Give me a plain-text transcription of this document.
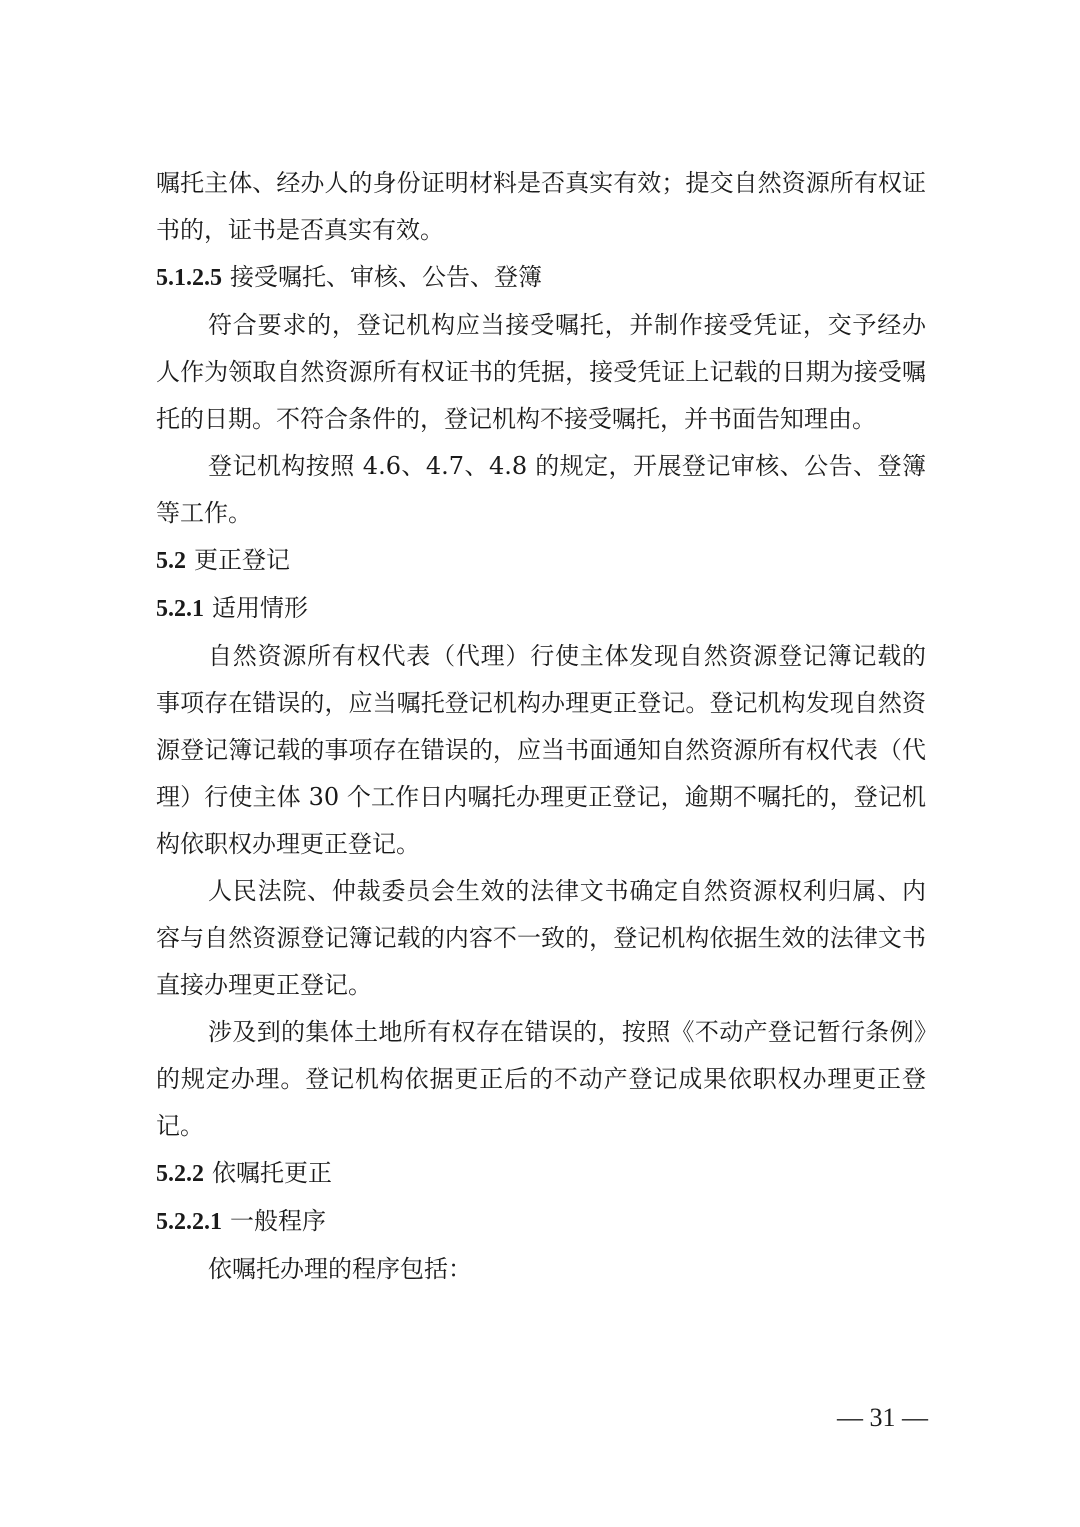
嘱托主体、经办人的身份证明材料是否真实有效；提交自然资源所有权证书的，证书是否真实有效。

5.1.2.5 接受嘱托、审核、公告、登簿

符合要求的，登记机构应当接受嘱托，并制作接受凭证，交予经办人作为领取自然资源所有权证书的凭据，接受凭证上记载的日期为接受嘱托的日期。不符合条件的，登记机构不接受嘱托，并书面告知理由。

登记机构按照 4.6、4.7、4.8 的规定，开展登记审核、公告、登簿等工作。

5.2 更正登记
5.2.1 适用情形

自然资源所有权代表（代理）行使主体发现自然资源登记簿记载的事项存在错误的，应当嘱托登记机构办理更正登记。登记机构发现自然资源登记簿记载的事项存在错误的，应当书面通知自然资源所有权代表（代理）行使主体 30 个工作日内嘱托办理更正登记，逾期不嘱托的，登记机构依职权办理更正登记。

人民法院、仲裁委员会生效的法律文书确定自然资源权利归属、内容与自然资源登记簿记载的内容不一致的，登记机构依据生效的法律文书直接办理更正登记。

涉及到的集体土地所有权存在错误的，按照《不动产登记暂行条例》的规定办理。登记机构依据更正后的不动产登记成果依职权办理更正登记。

5.2.2 依嘱托更正
5.2.2.1 一般程序

依嘱托办理的程序包括：

— 31 —
